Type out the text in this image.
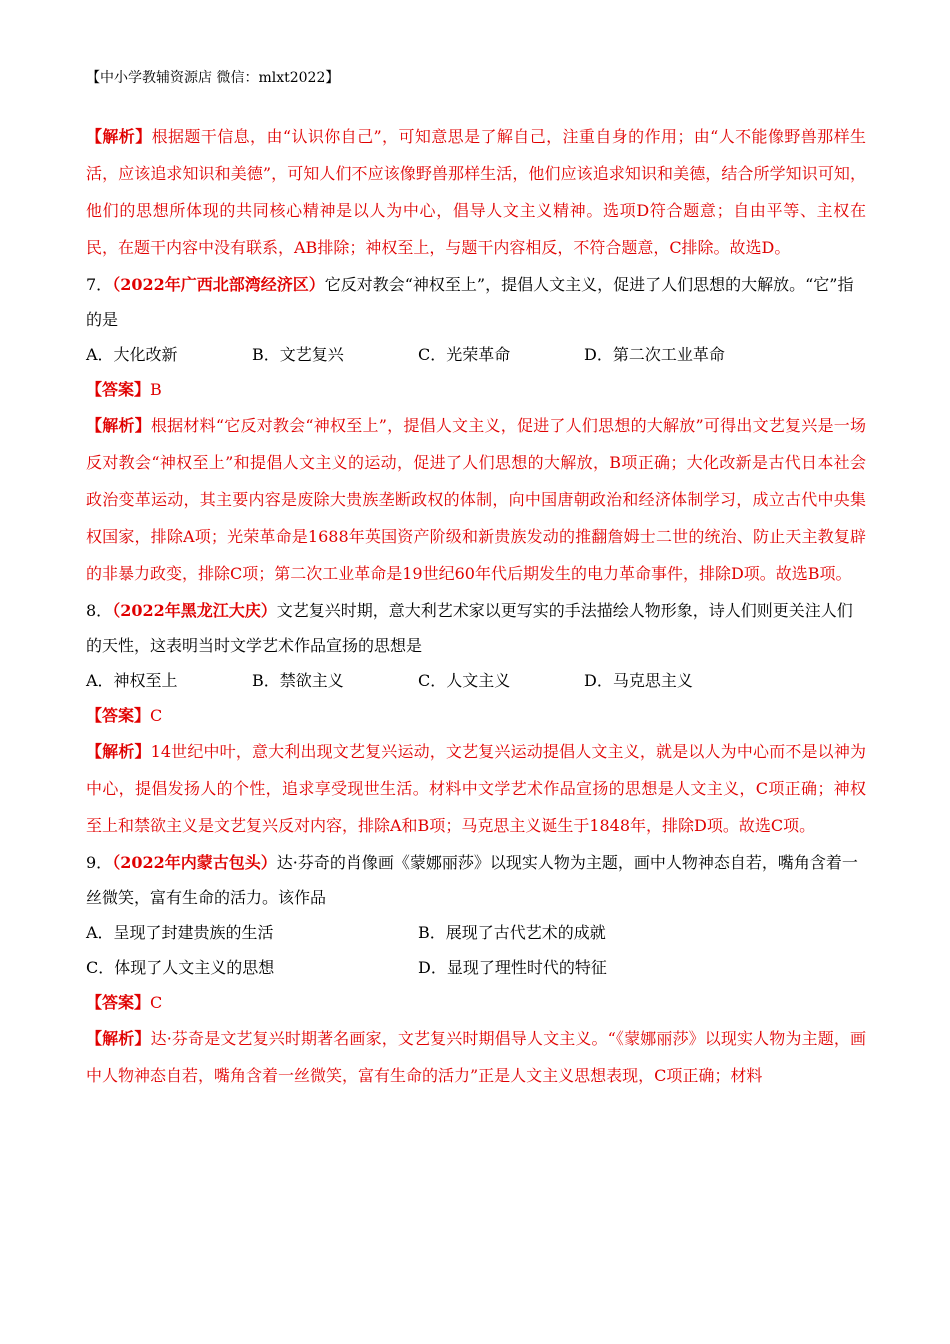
【中小学教辅资源店 微信：mlxt2022】

【解析】根据题干信息，由“认识你自己”，可知意思是了解自己，注重自身的作用；由“人不能像野兽那样生活，应该追求知识和美德”，可知人们不应该像野兽那样生活，他们应该追求知识和美德，结合所学知识可知，他们的思想所体现的共同核心精神是以人为中心，倡导人文主义精神。选项D符合题意；自由平等、主权在民，在题干内容中没有联系，AB排除；神权至上，与题干内容相反，不符合题意，C排除。故选D。

7．（2022年广西北部湾经济区）它反对教会“神权至上”，提倡人文主义，促进了人们思想的大解放。“它”指的是

A．大化改新	B．文艺复兴	C．光荣革命	D．第二次工业革命

【答案】B

【解析】根据材料“它反对教会“神权至上”，提倡人文主义，促进了人们思想的大解放”可得出文艺复兴是一场反对教会“神权至上”和提倡人文主义的运动，促进了人们思想的大解放，B项正确；大化改新是古代日本社会政治变革运动，其主要内容是废除大贵族垄断政权的体制，向中国唐朝政治和经济体制学习，成立古代中央集权国家，排除A项；光荣革命是1688年英国资产阶级和新贵族发动的推翻詹姆士二世的统治、防止天主教复辟的非暴力政变，排除C项；第二次工业革命是19世纪60年代后期发生的电力革命事件，排除D项。故选B项。

8．（2022年黑龙江大庆）文艺复兴时期，意大利艺术家以更写实的手法描绘人物形象，诗人们则更关注人们的天性，这表明当时文学艺术作品宣扬的思想是

A．神权至上	B．禁欲主义	C．人文主义	D．马克思主义

【答案】C

【解析】14世纪中叶，意大利出现文艺复兴运动，文艺复兴运动提倡人文主义，就是以人为中心而不是以神为中心，提倡发扬人的个性，追求享受现世生活。材料中文学艺术作品宣扬的思想是人文主义，C项正确；神权至上和禁欲主义是文艺复兴反对内容，排除A和B项；马克思主义诞生于1848年，排除D项。故选C项。

9．（2022年内蒙古包头）达·芬奇的肖像画《蒙娜丽莎》以现实人物为主题，画中人物神态自若，嘴角含着一丝微笑，富有生命的活力。该作品

A．呈现了封建贵族的生活	B．展现了古代艺术的成就
C．体现了人文主义的思想	D．显现了理性时代的特征

【答案】C

【解析】达·芬奇是文艺复兴时期著名画家，文艺复兴时期倡导人文主义。“《蒙娜丽莎》以现实人物为主题，画中人物神态自若，嘴角含着一丝微笑，富有生命的活力”正是人文主义思想表现，C项正确；材料
